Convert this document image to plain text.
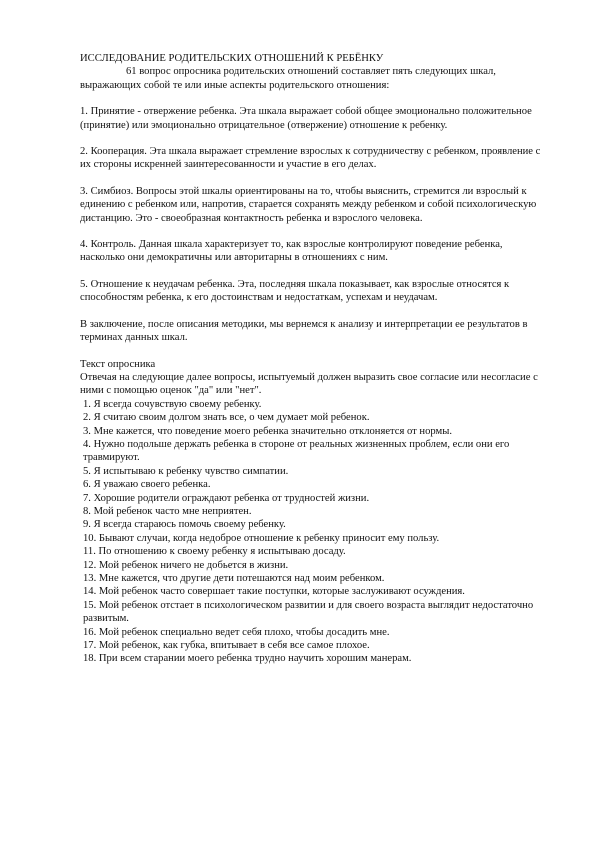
ИССЛЕДОВАНИЕ РОДИТЕЛЬСКИХ ОТНОШЕНИЙ К РЕБЁНКУ

61 вопрос опросника родительских отношений составляет пять следующих шкал, выражающих собой те или иные аспекты родительского отношения:

1. Принятие - отвержение ребенка. Эта шкала выражает собой общее эмоционально положительное (принятие) или эмоционально отрицательное (отвержение) отношение к ребенку.

2. Кооперация. Эта шкала выражает стремление взрослых к сотрудничеству с ребенком, проявление с их стороны искренней заинтересованности и участие в его делах.

3. Симбиоз. Вопросы этой шкалы ориентированы на то, чтобы выяснить, стремится ли взрослый к единению с ребенком или, напротив, старается сохранять между ребенком и собой психологическую дистанцию. Это - своеобразная контактность ребенка и взрослого человека.

4. Контроль. Данная шкала характеризует то, как взрослые контролируют поведение ребенка, насколько они демократичны или авторитарны в отношениях с ним.

5. Отношение к неудачам ребенка. Эта, последняя шкала показывает, как взрослые относятся к способностям ребенка, к его достоинствам и недостаткам, успехам и неудачам.

В заключение, после описания методики, мы вернемся к анализу и интерпретации ее результатов в терминах данных шкал.

Текст опросника

Отвечая на следующие далее вопросы, испытуемый должен выразить свое согласие или несогласие с ними с помощью оценок "да" или "нет".

1. Я всегда сочувствую своему ребенку.
2. Я считаю своим долгом знать все, о чем думает мой ребенок.
3. Мне кажется, что поведение моего ребенка значительно отклоняется от нормы.
4. Нужно подольше держать ребенка в стороне от реальных жизненных проблем, если они его травмируют.
5. Я испытываю к ребенку чувство симпатии.
6. Я уважаю своего ребенка.
7. Хорошие родители ограждают ребенка от трудностей жизни.
8. Мой ребенок часто мне неприятен.
9. Я всегда стараюсь помочь своему ребенку.
10. Бывают случаи, когда недоброе отношение к ребенку приносит ему пользу.
11. По отношению к своему ребенку я испытываю досаду.
12. Мой ребенок ничего не добьется в жизни.
13. Мне кажется, что другие дети потешаются над моим ребенком.
14. Мой ребенок часто совершает такие поступки, которые заслуживают осуждения.
15. Мой ребенок отстает в психологическом развитии и для своего возраста выглядит недостаточно развитым.
16. Мой ребенок специально ведет себя плохо, чтобы досадить мне.
17. Мой ребенок, как губка, впитывает в себя все самое плохое.
18. При всем старании моего ребенка трудно научить хорошим манерам.
